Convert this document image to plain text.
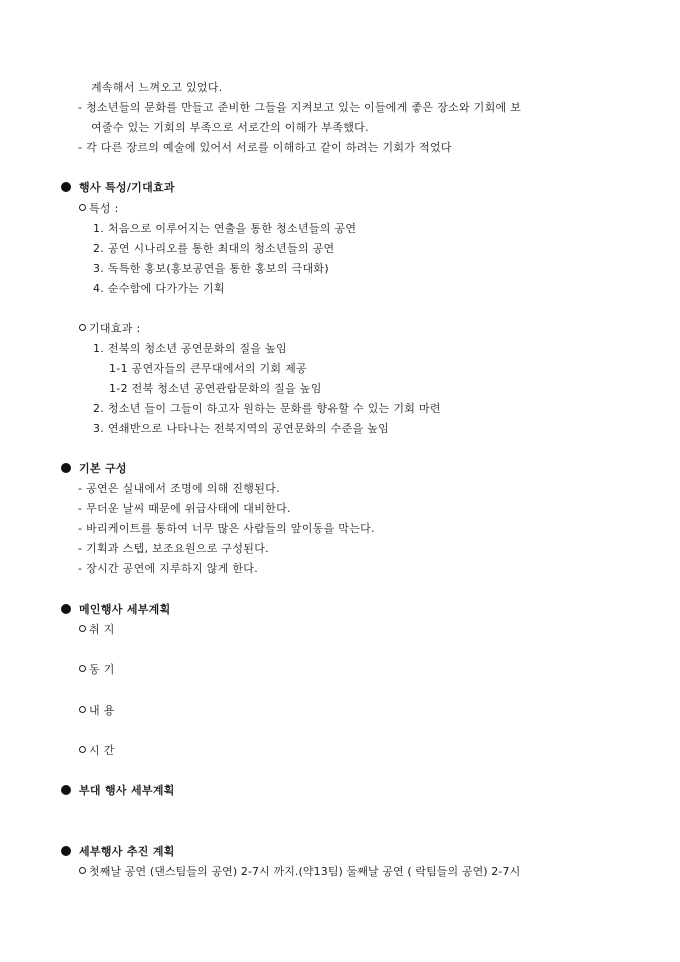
계속해서 느껴오고 있었다.
- 청소년들의 문화를 만들고 준비한 그들을 지켜보고 있는 이들에게 좋은 장소와 기회에 보
여줄수 있는 기회의 부족으로 서로간의 이해가 부족했다.
- 각 다른 장르의 예술에 있어서 서로를 이해하고 같이 하려는 기회가 적었다
행사 특성/기대효과
특성 :
1. 처음으로 이루어지는 연출을 통한 청소년들의 공연
2. 공연 시나리오를 통한 최대의 청소년들의 공연
3. 독특한 홍보(홍보공연을 통한 홍보의 극대화)
4. 순수함에 다가가는 기획
기대효과 :
1. 전북의 청소년 공연문화의 질을 높임
1-1 공연자들의 큰무대에서의 기회 제공
1-2 전북 청소년 공연관람문화의 질을 높임
2. 청소년 들이 그들이 하고자 원하는 문화를 향유할 수 있는 기회 마련
3. 연쇄반으로 나타나는 전북지역의 공연문화의 수준을 높임
기본 구성
- 공연은 실내에서 조명에 의해 진행된다.
- 무더운 날씨 때문에 위급사태에 대비한다.
- 바리케이트를 통하여 너무 많은 사람들의 앞이동을 막는다.
- 기획과 스텝, 보조요원으로 구성된다.
- 장시간 공연에 지루하지 않게 한다.
메인행사 세부계획
취 지
동 기
내 용
시 간
부대 행사 세부계획
세부행사 추진 계획
첫째날 공연 (댄스팀들의 공연) 2-7시 까지.(약13팀) 둘째날 공연 ( 락팀들의 공연) 2-7시
